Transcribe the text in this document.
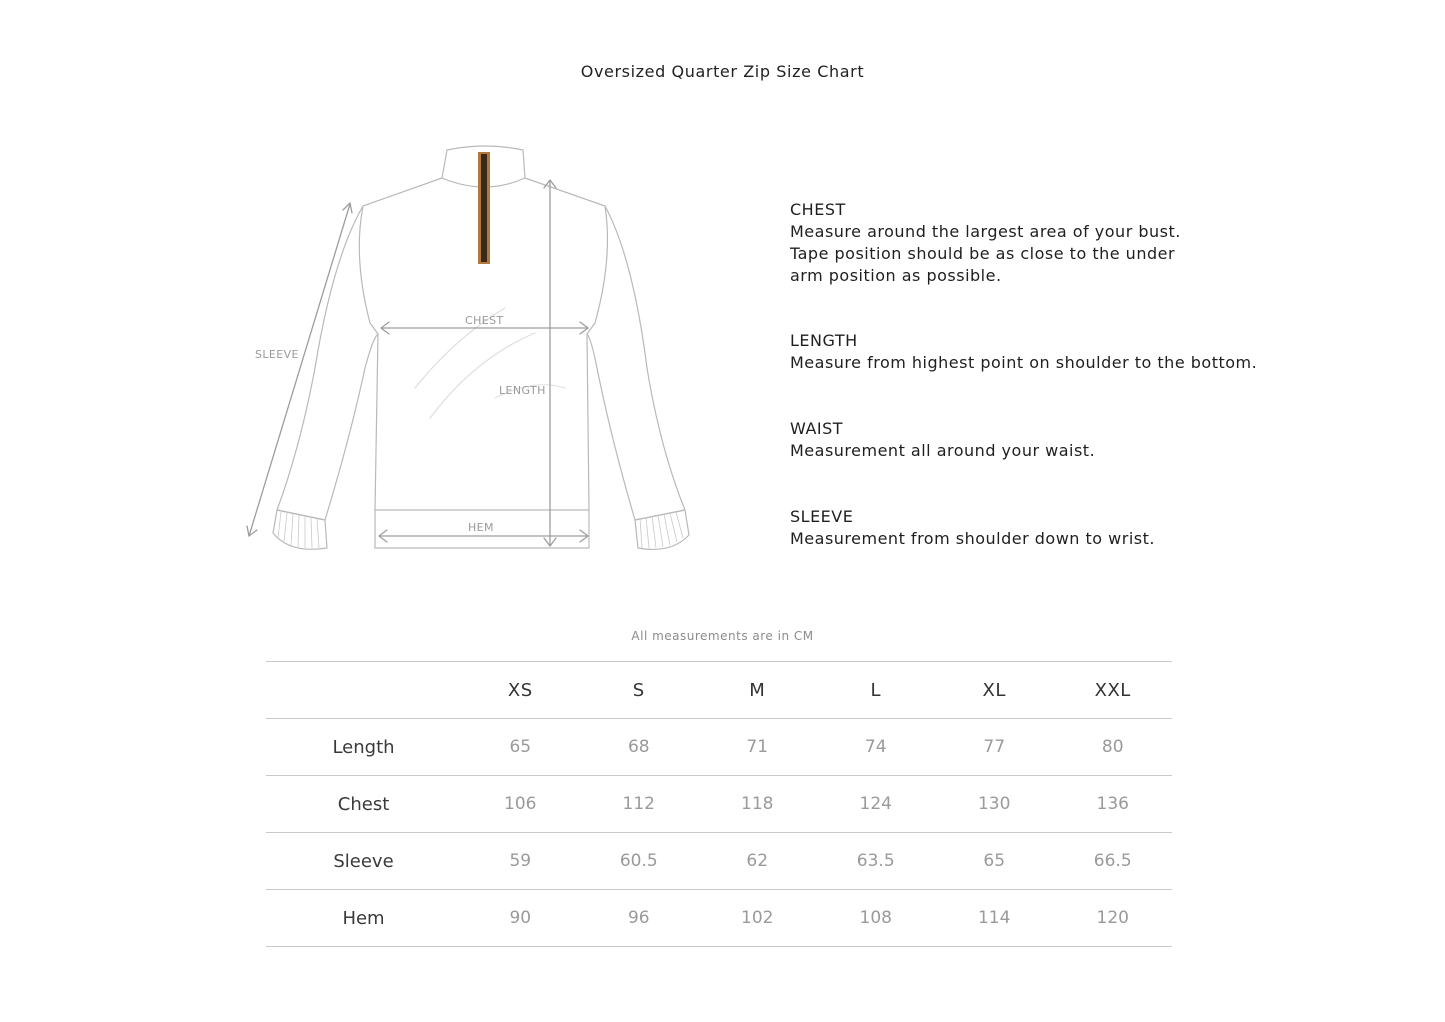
Oversized Quarter Zip Size Chart
CHEST
LENGTH
HEM
SLEEVE
CHEST
Measure around the largest area of your bust.
Tape position should be as close to the under
arm position as possible.
LENGTH
Measure from highest point on shoulder to the bottom.
WAIST
Measurement all around your waist.
SLEEVE
Measurement from shoulder down to wrist.
All measurements are in CM
	XS	S	M	L	XL	XXL
Length	65	68	71	74	77	80
Chest	106	112	118	124	130	136
Sleeve	59	60.5	62	63.5	65	66.5
Hem	90	96	102	108	114	120
